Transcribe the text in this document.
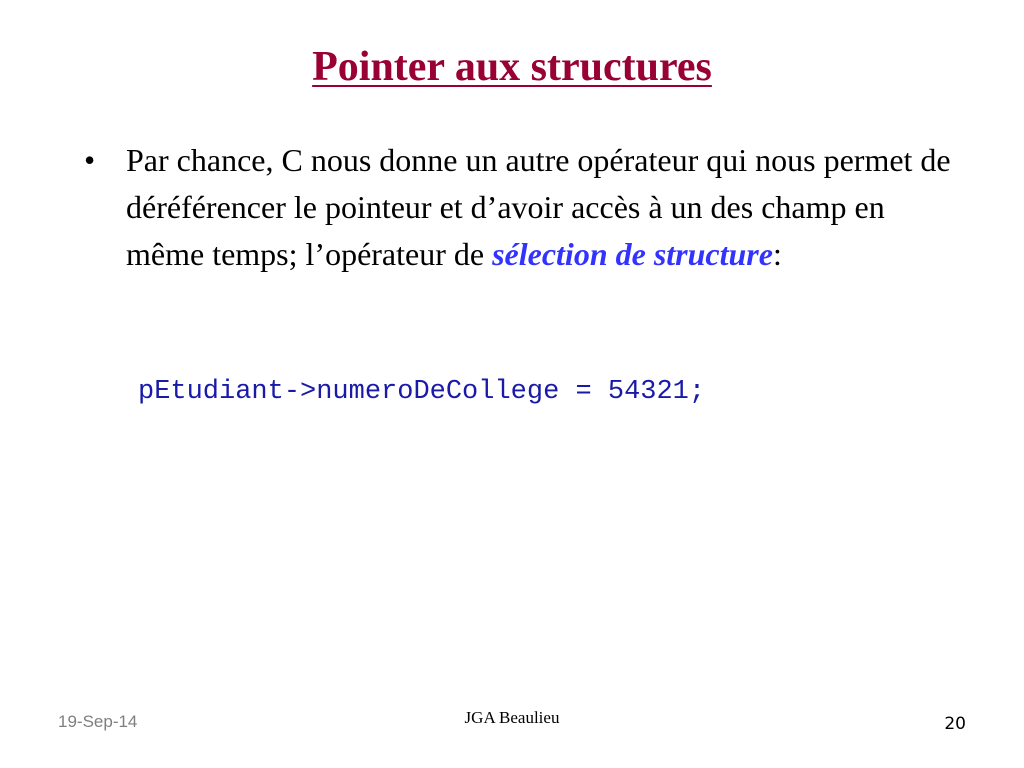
Pointer aux structures
• Par chance, C nous donne un autre opérateur qui nous permet de déréférencer le pointeur et d’avoir accès à un des champ en même temps; l’opérateur de sélection de structure:
pEtudiant->numeroDeCollege = 54321;
19-Sep-14	JGA Beaulieu	20
